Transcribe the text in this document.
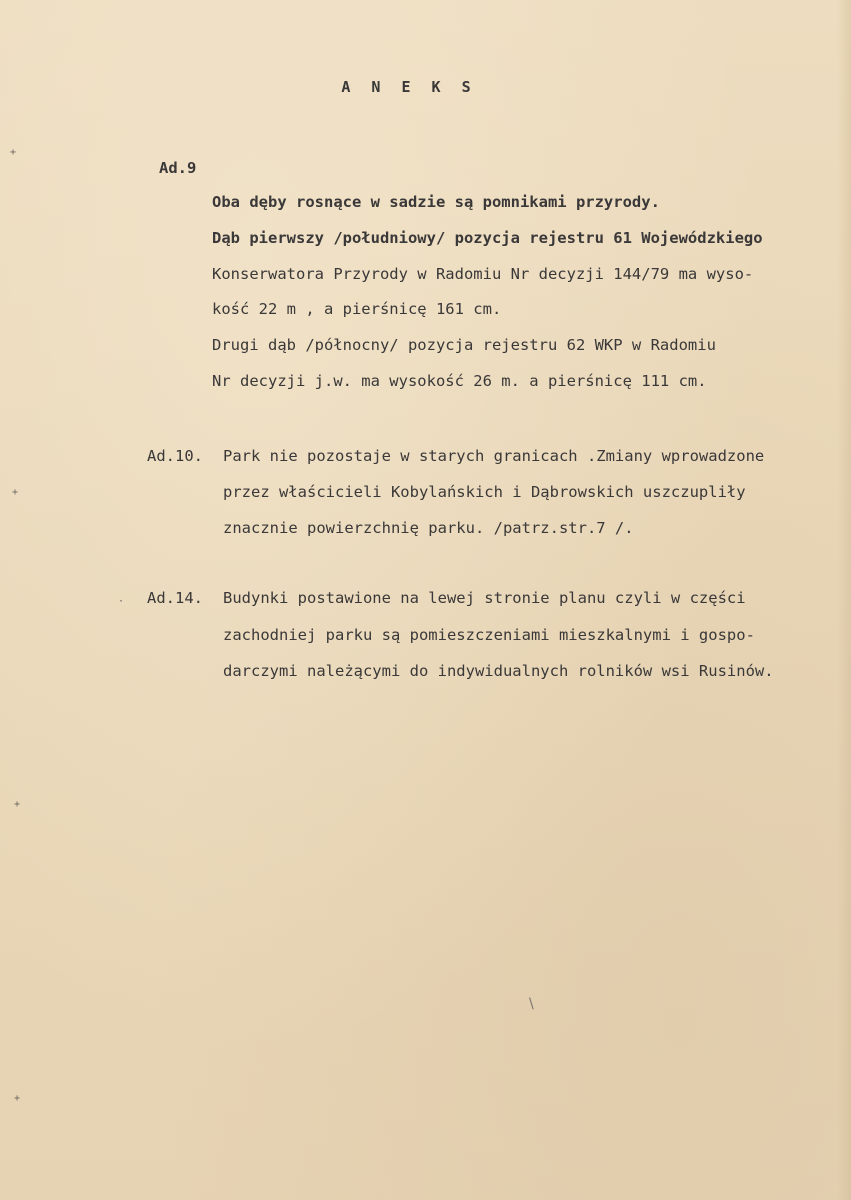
+
+
+
+
·
A N E K S
Ad.9
Oba dęby rosnące w sadzie są pomnikami przyrody.
Dąb pierwszy /południowy/ pozycja rejestru 61 Wojewódzkiego
Konserwatora Przyrody w Radomiu Nr decyzji 144/79 ma wyso-
kość 22 m , a pierśnicę 161 cm.
Drugi dąb /północny/ pozycja rejestru 62 WKP w Radomiu
Nr decyzji j.w. ma wysokość 26 m. a pierśnicę 111 cm.
Ad.10. Park nie pozostaje w starych granicach .Zmiany wprowadzone
przez właścicieli Kobylańskich i Dąbrowskich uszczupliły
znacznie powierzchnię parku. /patrz.str.7 /.
Ad.14. Budynki postawione na lewej stronie planu czyli w części
zachodniej parku są pomieszczeniami mieszkalnymi i gospo-
darczymi należącymi do indywidualnych rolników wsi Rusinów.
\
